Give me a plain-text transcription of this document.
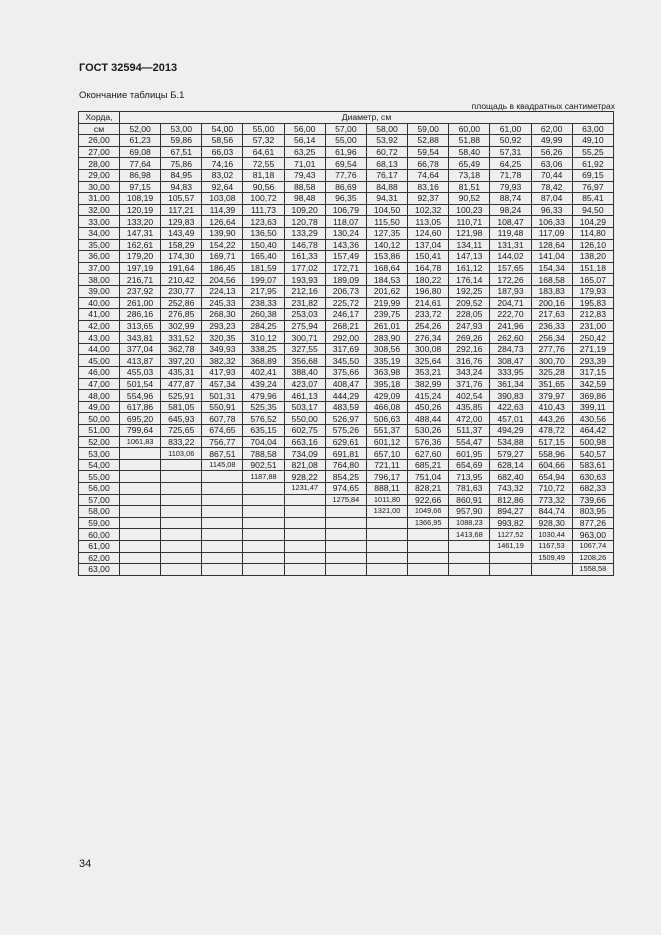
ГОСТ 32594—2013
Окончание таблицы Б.1
площадь в квадратных сантиметрах
Хорда,	Диаметр, см											
см	52,00	53,00	54,00	55,00	56,00	57,00	58,00	59,00	60,00	61,00	62,00	63,00
26,00	61,23	59,86	58,56	57,32	56,14	55,00	53,92	52,88	51,88	50,92	49,99	49,10
27,00	69,08	67,51	66,03	64,61	63,25	61,96	60,72	59,54	58,40	57,31	56,26	55,25
28,00	77,64	75,86	74,16	72,55	71,01	69,54	68,13	66,78	65,49	64,25	63,06	61,92
29,00	86,98	84,95	83,02	81,18	79,43	77,76	76,17	74,64	73,18	71,78	70,44	69,15
30,00	97,15	94,83	92,64	90,56	88,58	86,69	84,88	83,16	81,51	79,93	78,42	76,97
31,00	108,19	105,57	103,08	100,72	98,48	96,35	94,31	92,37	90,52	88,74	87,04	85,41
32,00	120,19	117,21	114,39	111,73	109,20	106,79	104,50	102,32	100,23	98,24	96,33	94,50
33,00	133,20	129,83	126,64	123,63	120,78	118,07	115,50	113,05	110,71	108,47	106,33	104,29
34,00	147,31	143,49	139,90	136,50	133,29	130,24	127,35	124,60	121,98	119,48	117,09	114,80
35,00	162,61	158,29	154,22	150,40	146,78	143,36	140,12	137,04	134,11	131,31	128,64	126,10
36,00	179,20	174,30	169,71	165,40	161,33	157,49	153,86	150,41	147,13	144,02	141,04	138,20
37,00	197,19	191,64	186,45	181,59	177,02	172,71	168,64	164,78	161,12	157,65	154,34	151,18
38,00	216,71	210,42	204,56	199,07	193,93	189,09	184,53	180,22	176,14	172,26	168,58	165,07
39,00	237,92	230,77	224,13	217,95	212,16	206,73	201,62	196,80	192,25	187,93	183,83	179,93
40,00	261,00	252,86	245,33	238,33	231,82	225,72	219,99	214,61	209,52	204,71	200,16	195,83
41,00	286,16	276,85	268,30	260,38	253,03	246,17	239,75	233,72	228,05	222,70	217,63	212,83
42,00	313,65	302,99	293,23	284,25	275,94	268,21	261,01	254,26	247,93	241,96	236,33	231,00
43,00	343,81	331,52	320,35	310,12	300,71	292,00	283,90	276,34	269,26	262,60	256,34	250,42
44,00	377,04	362,78	349,93	338,25	327,55	317,69	308,56	300,08	292,16	284,73	277,76	271,19
45,00	413,87	397,20	382,32	368,89	356,68	345,50	335,19	325,64	316,76	308,47	300,70	293,39
46,00	455,03	435,31	417,93	402,41	388,40	375,66	363,98	353,21	343,24	333,95	325,28	317,15
47,00	501,54	477,87	457,34	439,24	423,07	408,47	395,18	382,99	371,76	361,34	351,65	342,59
48,00	554,96	525,91	501,31	479,96	461,13	444,29	429,09	415,24	402,54	390,83	379,97	369,86
49,00	617,86	581,05	550,91	525,35	503,17	483,59	466,08	450,26	435,85	422,63	410,43	399,11
50,00	695,20	645,93	607,78	576,52	550,00	526,97	506,63	488,44	472,00	457,01	443,26	430,56
51,00	799,64	725,65	674,65	635,15	602,75	575,26	551,37	530,26	511,37	494,29	478,72	464,42
52,00	1061,83	833,22	756,77	704,04	663,16	629,61	601,12	576,36	554,47	534,88	517,15	500,98
53,00		1103,06	867,51	788,58	734,09	691,81	657,10	627,60	601,95	579,27	558,96	540,57
54,00			1145,08	902,51	821,08	764,80	721,11	685,21	654,69	628,14	604,66	583,61
55,00				1187,88	928,22	854,25	796,17	751,04	713,95	682,40	654,94	630,63
56,00					1231,47	974,65	888,11	828,21	781,63	743,32	710,72	682,33
57,00						1275,84	1011,80	922,66	860,91	812,86	773,32	739,66
58,00							1321,00	1049,66	957,90	894,27	844,74	803,95
59,00								1366,95	1088,23	993,82	928,30	877,26
60,00									1413,68	1127,52	1030,44	963,00
61,00										1461,19	1167,53	1067,74
62,00											1509,49	1208,26
63,00												1558,58
34
